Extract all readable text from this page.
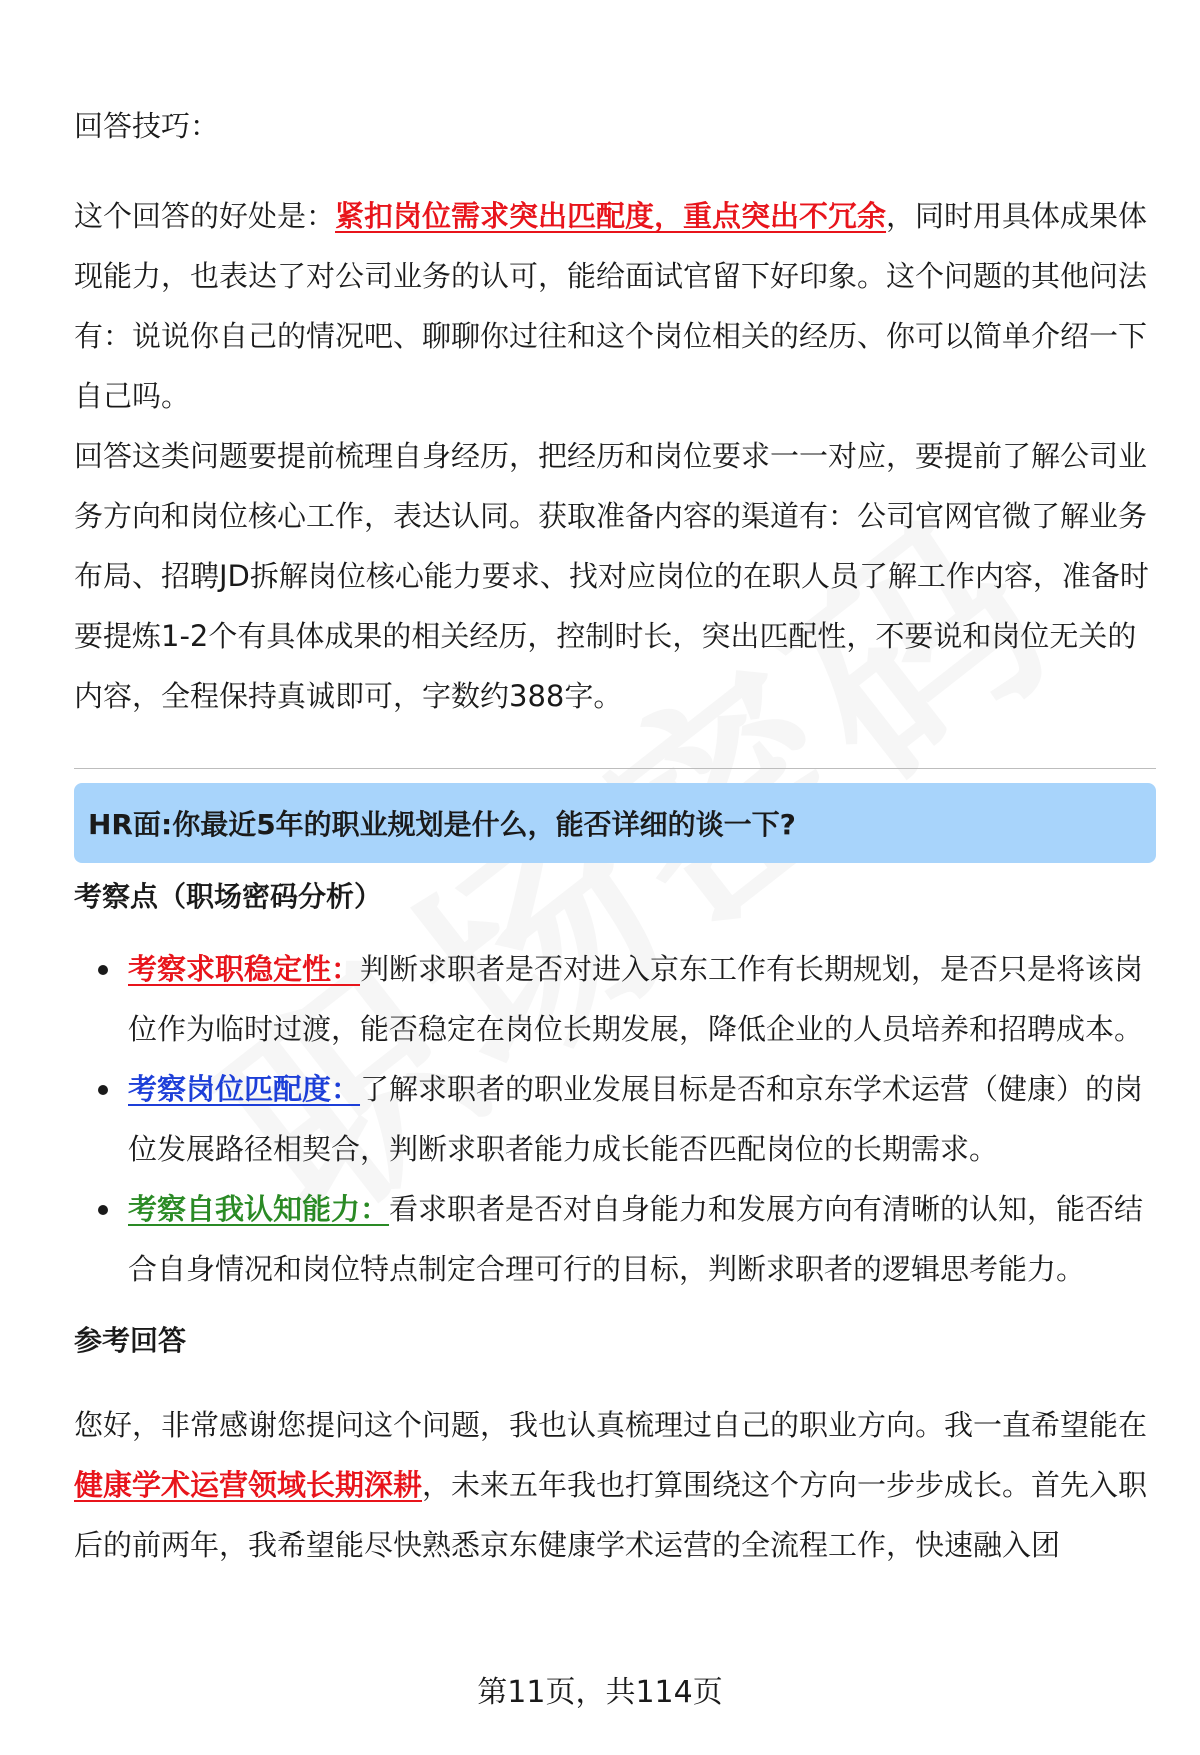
回答技巧：

这个回答的好处是：紧扣岗位需求突出匹配度，重点突出不冗余，同时用具体成果体现能力，也表达了对公司业务的认可，能给面试官留下好印象。这个问题的其他问法有：说说你自己的情况吧、聊聊你过往和这个岗位相关的经历、你可以简单介绍一下自己吗。

回答这类问题要提前梳理自身经历，把经历和岗位要求一一对应，要提前了解公司业务方向和岗位核心工作，表达认同。获取准备内容的渠道有：公司官网官微了解业务布局、招聘JD拆解岗位核心能力要求、找对应岗位的在职人员了解工作内容，准备时要提炼1-2个有具体成果的相关经历，控制时长，突出匹配性，不要说和岗位无关的内容，全程保持真诚即可，字数约388字。

HR面:你最近5年的职业规划是什么，能否详细的谈一下?
考察点（职场密码分析）
考察求职稳定性：判断求职者是否对进入京东工作有长期规划，是否只是将该岗位作为临时过渡，能否稳定在岗位长期发展，降低企业的人员培养和招聘成本。
考察岗位匹配度：了解求职者的职业发展目标是否和京东学术运营（健康）的岗位发展路径相契合，判断求职者能力成长能否匹配岗位的长期需求。
考察自我认知能力：看求职者是否对自身能力和发展方向有清晰的认知，能否结合自身情况和岗位特点制定合理可行的目标，判断求职者的逻辑思考能力。
参考回答

您好，非常感谢您提问这个问题，我也认真梳理过自己的职业方向。我一直希望能在健康学术运营领域长期深耕，未来五年我也打算围绕这个方向一步步成长。首先入职后的前两年，我希望能尽快熟悉京东健康学术运营的全流程工作，快速融入团

第11页，共114页
